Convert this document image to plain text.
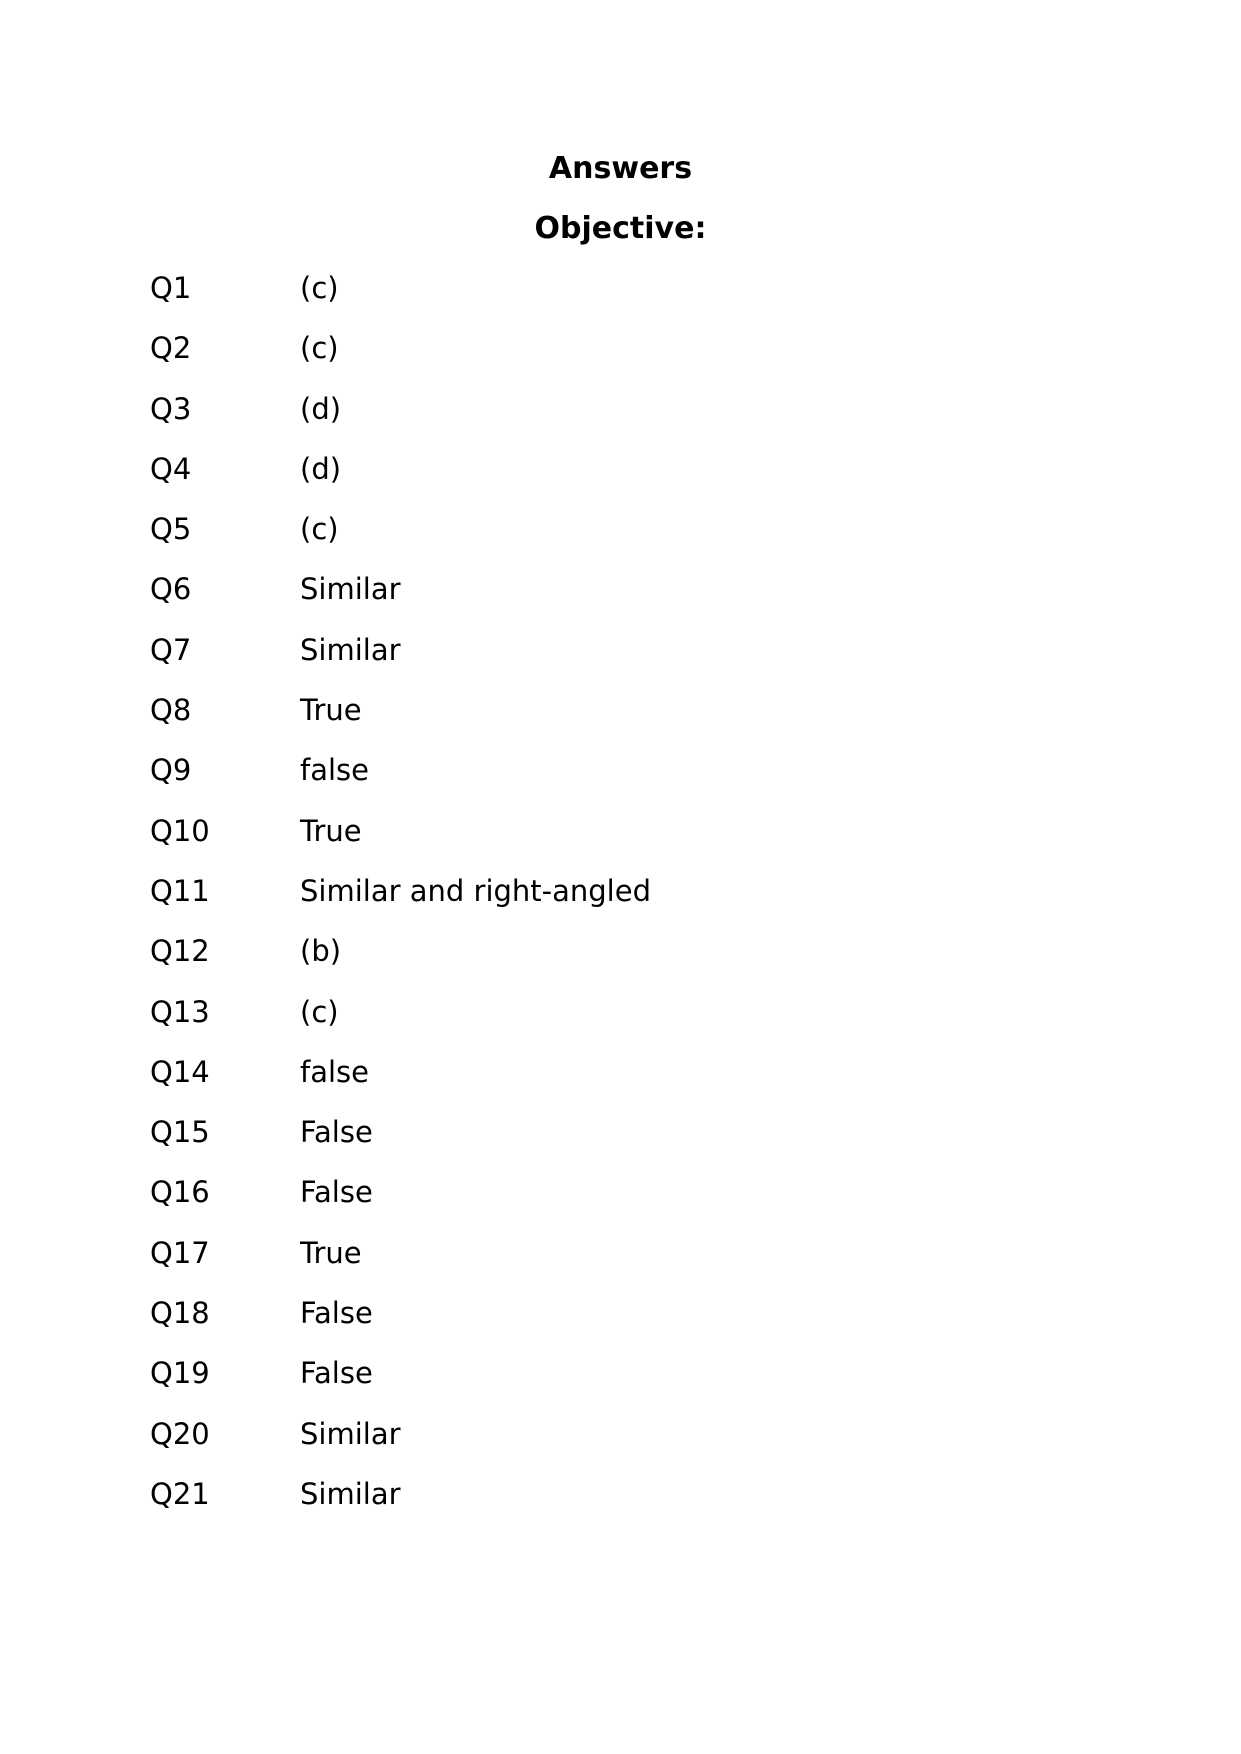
Answers
Objective:
Q1	(c)
Q2	(c)
Q3	(d)
Q4	(d)
Q5	(c)
Q6	Similar
Q7	Similar
Q8	True
Q9	false
Q10	True
Q11	Similar and right-angled
Q12	(b)
Q13	(c)
Q14	false
Q15	False
Q16	False
Q17	True
Q18	False
Q19	False
Q20	Similar
Q21	Similar
